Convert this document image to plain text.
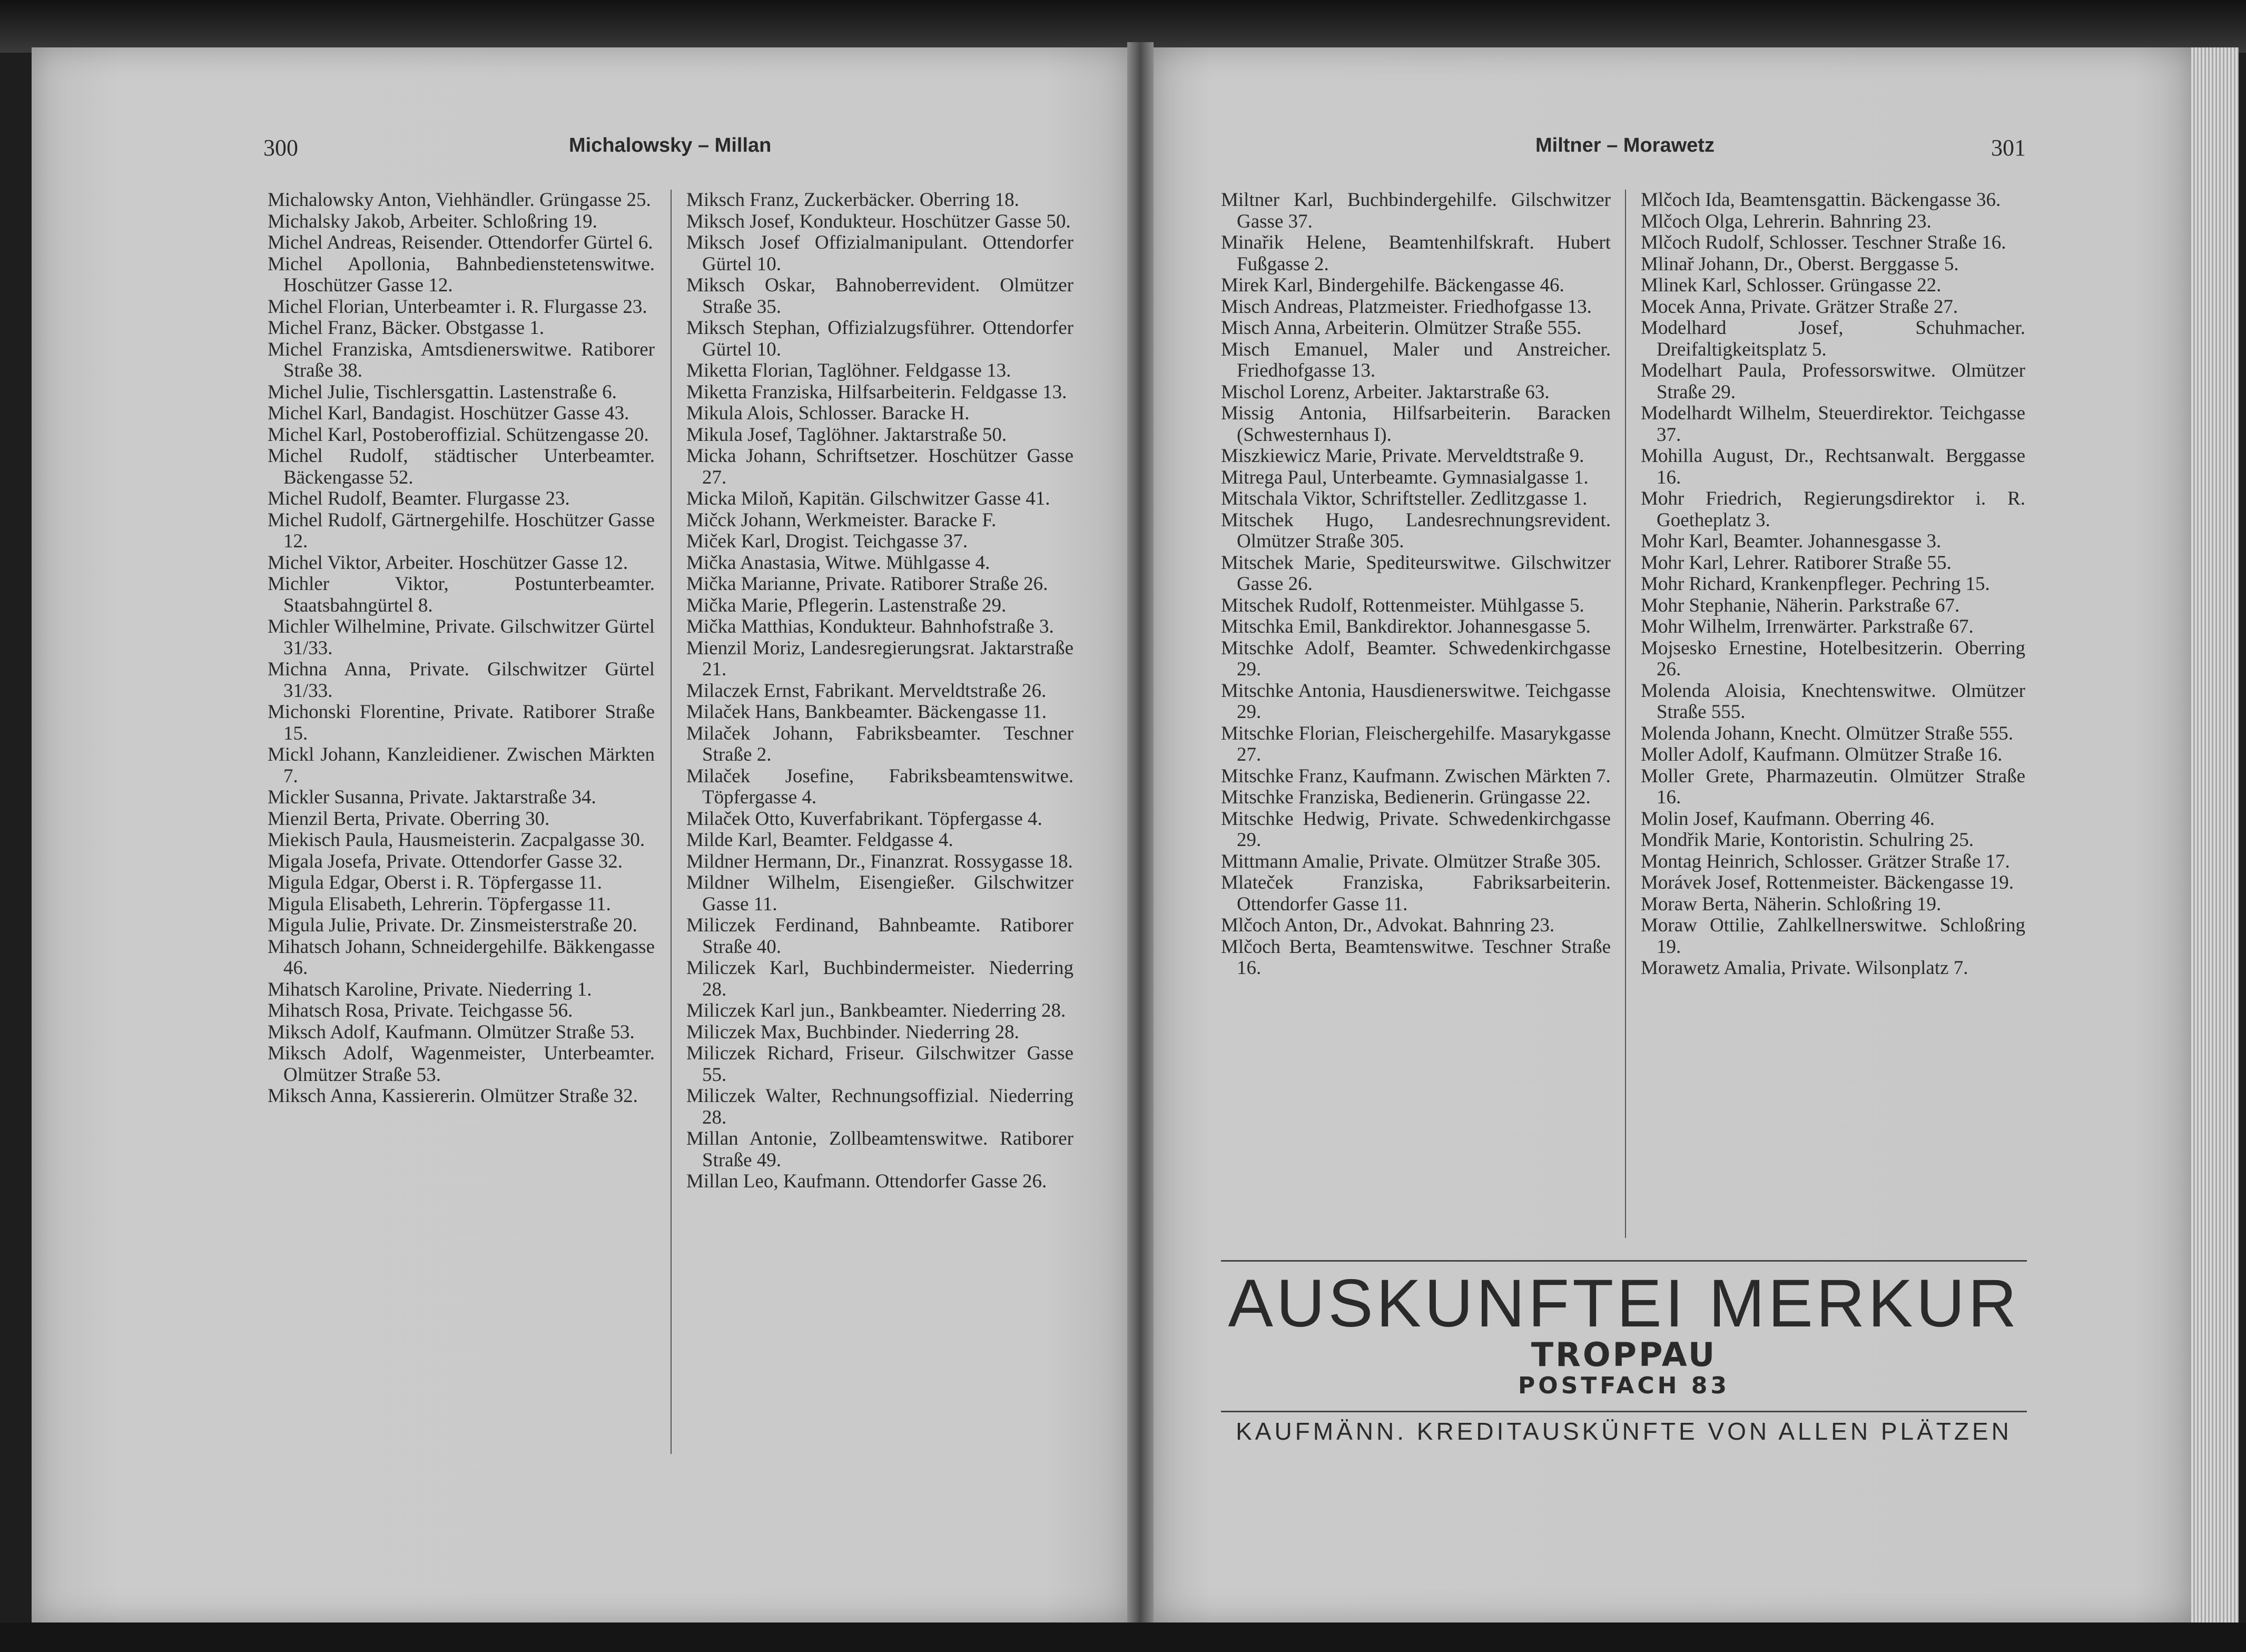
300	Michalowsky – Millan	Miltner – Morawetz	301
Michalowsky Anton, Viehhändler. Grüngasse 25.
Michalsky Jakob, Arbeiter. Schloßring 19.
Michel Andreas, Reisender. Ottendorfer Gürtel 6.
Michel Apollonia, Bahnbedienstetenswitwe. Hoschützer Gasse 12.
Michel Florian, Unterbeamter i. R. Flurgasse 23.
Michel Franz, Bäcker. Obstgasse 1.
Michel Franziska, Amtsdienerswitwe. Ratiborer Straße 38.
Michel Julie, Tischlersgattin. Lastenstraße 6.
Michel Karl, Bandagist. Hoschützer Gasse 43.
Michel Karl, Postoberoffizial. Schützengasse 20.
Michel Rudolf, städtischer Unterbeamter. Bäckengasse 52.
Michel Rudolf, Beamter. Flurgasse 23.
Michel Rudolf, Gärtnergehilfe. Hoschützer Gasse 12.
Michel Viktor, Arbeiter. Hoschützer Gasse 12.
Michler Viktor, Postunterbeamter. Staatsbahngürtel 8.
Michler Wilhelmine, Private. Gilschwitzer Gürtel 31/33.
Michna Anna, Private. Gilschwitzer Gürtel 31/33.
Michonski Florentine, Private. Ratiborer Straße 15.
Mickl Johann, Kanzleidiener. Zwischen Märkten 7.
Mickler Susanna, Private. Jaktarstraße 34.
Mienzil Berta, Private. Oberring 30.
Miekisch Paula, Hausmeisterin. Zacpalgasse 30.
Migala Josefa, Private. Ottendorfer Gasse 32.
Migula Edgar, Oberst i. R. Töpfergasse 11.
Migula Elisabeth, Lehrerin. Töpfergasse 11.
Migula Julie, Private. Dr. Zinsmeisterstraße 20.
Mihatsch Johann, Schneidergehilfe. Bäkkengasse 46.
Mihatsch Karoline, Private. Niederring 1.
Mihatsch Rosa, Private. Teichgasse 56.
Miksch Adolf, Kaufmann. Olmützer Straße 53.
Miksch Adolf, Wagenmeister, Unterbeamter. Olmützer Straße 53.
Miksch Anna, Kassiererin. Olmützer Straße 32.
Miksch Franz, Zuckerbäcker. Oberring 18.
Miksch Josef, Kondukteur. Hoschützer Gasse 50.
Miksch Josef Offizialmanipulant. Ottendorfer Gürtel 10.
Miksch Oskar, Bahnoberrevident. Olmützer Straße 35.
Miksch Stephan, Offizialzugsführer. Ottendorfer Gürtel 10.
Miketta Florian, Taglöhner. Feldgasse 13.
Miketta Franziska, Hilfsarbeiterin. Feldgasse 13.
Mikula Alois, Schlosser. Baracke H.
Mikula Josef, Taglöhner. Jaktarstraße 50.
Micka Johann, Schriftsetzer. Hoschützer Gasse 27.
Micka Miloň, Kapitän. Gilschwitzer Gasse 41.
Mičck Johann, Werkmeister. Baracke F.
Miček Karl, Drogist. Teichgasse 37.
Mička Anastasia, Witwe. Mühlgasse 4.
Mička Marianne, Private. Ratiborer Straße 26.
Mička Marie, Pflegerin. Lastenstraße 29.
Mička Matthias, Kondukteur. Bahnhofstraße 3.
Mienzil Moriz, Landesregierungsrat. Jaktarstraße 21.
Milaczek Ernst, Fabrikant. Merveldtstraße 26.
Milaček Hans, Bankbeamter. Bäckengasse 11.
Milaček Johann, Fabriksbeamter. Teschner Straße 2.
Milaček Josefine, Fabriksbeamtenswitwe. Töpfergasse 4.
Milaček Otto, Kuverfabrikant. Töpfergasse 4.
Milde Karl, Beamter. Feldgasse 4.
Mildner Hermann, Dr., Finanzrat. Rossygasse 18.
Mildner Wilhelm, Eisengießer. Gilschwitzer Gasse 11.
Miliczek Ferdinand, Bahnbeamte. Ratiborer Straße 40.
Miliczek Karl, Buchbindermeister. Niederring 28.
Miliczek Karl jun., Bankbeamter. Niederring 28.
Miliczek Max, Buchbinder. Niederring 28.
Miliczek Richard, Friseur. Gilschwitzer Gasse 55.
Miliczek Walter, Rechnungsoffizial. Niederring 28.
Millan Antonie, Zollbeamtenswitwe. Ratiborer Straße 49.
Millan Leo, Kaufmann. Ottendorfer Gasse 26.
Miltner Karl, Buchbindergehilfe. Gilschwitzer Gasse 37.
Minařik Helene, Beamtenhilfskraft. Hubert Fußgasse 2.
Mirek Karl, Bindergehilfe. Bäckengasse 46.
Misch Andreas, Platzmeister. Friedhofgasse 13.
Misch Anna, Arbeiterin. Olmützer Straße 555.
Misch Emanuel, Maler und Anstreicher. Friedhofgasse 13.
Mischol Lorenz, Arbeiter. Jaktarstraße 63.
Missig Antonia, Hilfsarbeiterin. Baracken (Schwesternhaus I).
Miszkiewicz Marie, Private. Merveldtstraße 9.
Mitrega Paul, Unterbeamte. Gymnasialgasse 1.
Mitschala Viktor, Schriftsteller. Zedlitzgasse 1.
Mitschek Hugo, Landesrechnungsrevident. Olmützer Straße 305.
Mitschek Marie, Spediteurswitwe. Gilschwitzer Gasse 26.
Mitschek Rudolf, Rottenmeister. Mühlgasse 5.
Mitschka Emil, Bankdirektor. Johannesgasse 5.
Mitschke Adolf, Beamter. Schwedenkirchgasse 29.
Mitschke Antonia, Hausdienerswitwe. Teichgasse 29.
Mitschke Florian, Fleischergehilfe. Masarykgasse 27.
Mitschke Franz, Kaufmann. Zwischen Märkten 7.
Mitschke Franziska, Bedienerin. Grüngasse 22.
Mitschke Hedwig, Private. Schwedenkirchgasse 29.
Mittmann Amalie, Private. Olmützer Straße 305.
Mlateček Franziska, Fabriksarbeiterin. Ottendorfer Gasse 11.
Mlčoch Anton, Dr., Advokat. Bahnring 23.
Mlčoch Berta, Beamtenswitwe. Teschner Straße 16.
Mlčoch Ida, Beamtensgattin. Bäckengasse 36.
Mlčoch Olga, Lehrerin. Bahnring 23.
Mlčoch Rudolf, Schlosser. Teschner Straße 16.
Mlinař Johann, Dr., Oberst. Berggasse 5.
Mlinek Karl, Schlosser. Grüngasse 22.
Mocek Anna, Private. Grätzer Straße 27.
Modelhard Josef, Schuhmacher. Dreifaltigkeitsplatz 5.
Modelhart Paula, Professorswitwe. Olmützer Straße 29.
Modelhardt Wilhelm, Steuerdirektor. Teichgasse 37.
Mohilla August, Dr., Rechtsanwalt. Berggasse 16.
Mohr Friedrich, Regierungsdirektor i. R. Goetheplatz 3.
Mohr Karl, Beamter. Johannesgasse 3.
Mohr Karl, Lehrer. Ratiborer Straße 55.
Mohr Richard, Krankenpfleger. Pechring 15.
Mohr Stephanie, Näherin. Parkstraße 67.
Mohr Wilhelm, Irrenwärter. Parkstraße 67.
Mojsesko Ernestine, Hotelbesitzerin. Oberring 26.
Molenda Aloisia, Knechtenswitwe. Olmützer Straße 555.
Molenda Johann, Knecht. Olmützer Straße 555.
Moller Adolf, Kaufmann. Olmützer Straße 16.
Moller Grete, Pharmazeutin. Olmützer Straße 16.
Molin Josef, Kaufmann. Oberring 46.
Mondřik Marie, Kontoristin. Schulring 25.
Montag Heinrich, Schlosser. Grätzer Straße 17.
Morávek Josef, Rottenmeister. Bäckengasse 19.
Moraw Berta, Näherin. Schloßring 19.
Moraw Ottilie, Zahlkellnerswitwe. Schloßring 19.
Morawetz Amalia, Private. Wilsonplatz 7.
AUSKUNFTEI MERKUR
TROPPAU
POSTFACH 83
KAUFMÄNN. KREDITAUSKÜNFTE VON ALLEN PLÄTZEN
